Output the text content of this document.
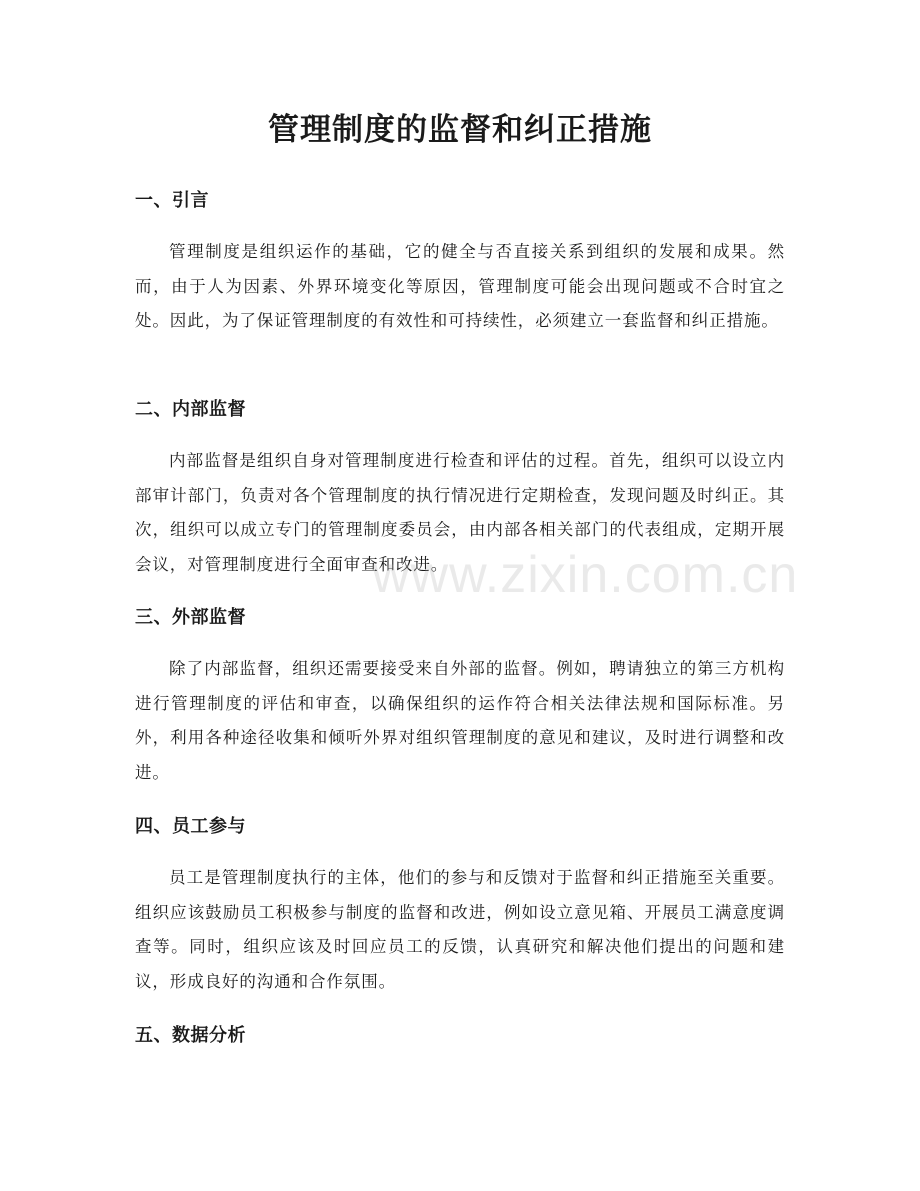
管理制度的监督和纠正措施
一、引言

管理制度是组织运作的基础，它的健全与否直接关系到组织的发展和成果。然而，由于人为因素、外界环境变化等原因，管理制度可能会出现问题或不合时宜之处。因此，为了保证管理制度的有效性和可持续性，必须建立一套监督和纠正措施。

二、内部监督

内部监督是组织自身对管理制度进行检查和评估的过程。首先，组织可以设立内部审计部门，负责对各个管理制度的执行情况进行定期检查，发现问题及时纠正。其次，组织可以成立专门的管理制度委员会，由内部各相关部门的代表组成，定期开展会议，对管理制度进行全面审查和改进。

三、外部监督

除了内部监督，组织还需要接受来自外部的监督。例如，聘请独立的第三方机构进行管理制度的评估和审查，以确保组织的运作符合相关法律法规和国际标准。另外，利用各种途径收集和倾听外界对组织管理制度的意见和建议，及时进行调整和改进。

四、员工参与

员工是管理制度执行的主体，他们的参与和反馈对于监督和纠正措施至关重要。组织应该鼓励员工积极参与制度的监督和改进，例如设立意见箱、开展员工满意度调查等。同时，组织应该及时回应员工的反馈，认真研究和解决他们提出的问题和建议，形成良好的沟通和合作氛围。

五、数据分析
www.zixin.com.cn
